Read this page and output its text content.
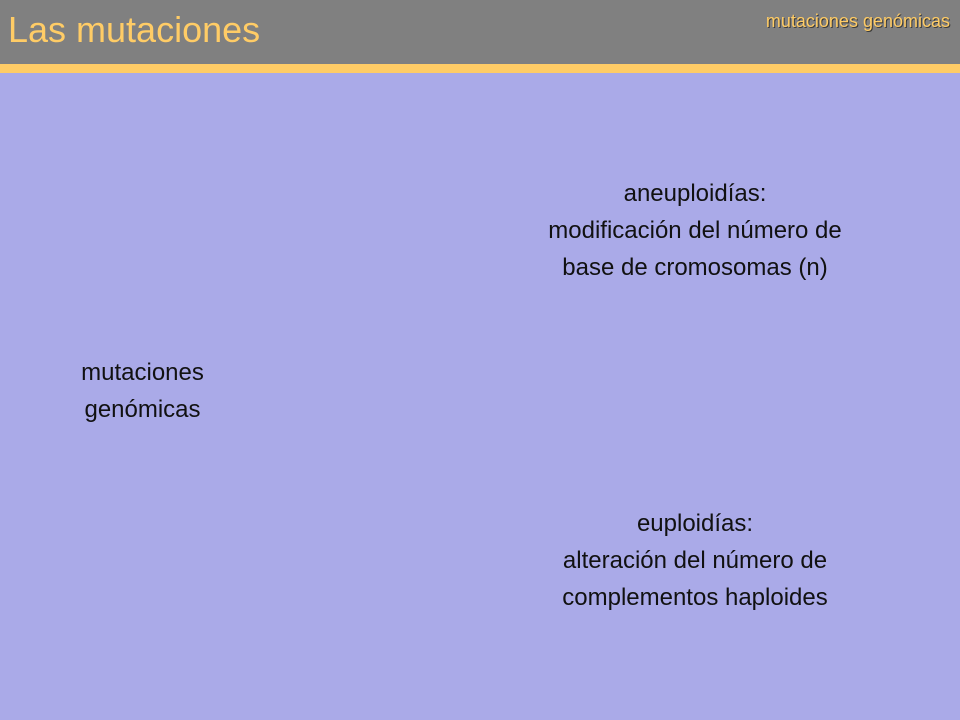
Las mutaciones	mutaciones genómicas
mutaciones
genómicas
aneuploidías:
modificación del número de
base de cromosomas (n)
euploidías:
alteración del número de
complementos haploides
